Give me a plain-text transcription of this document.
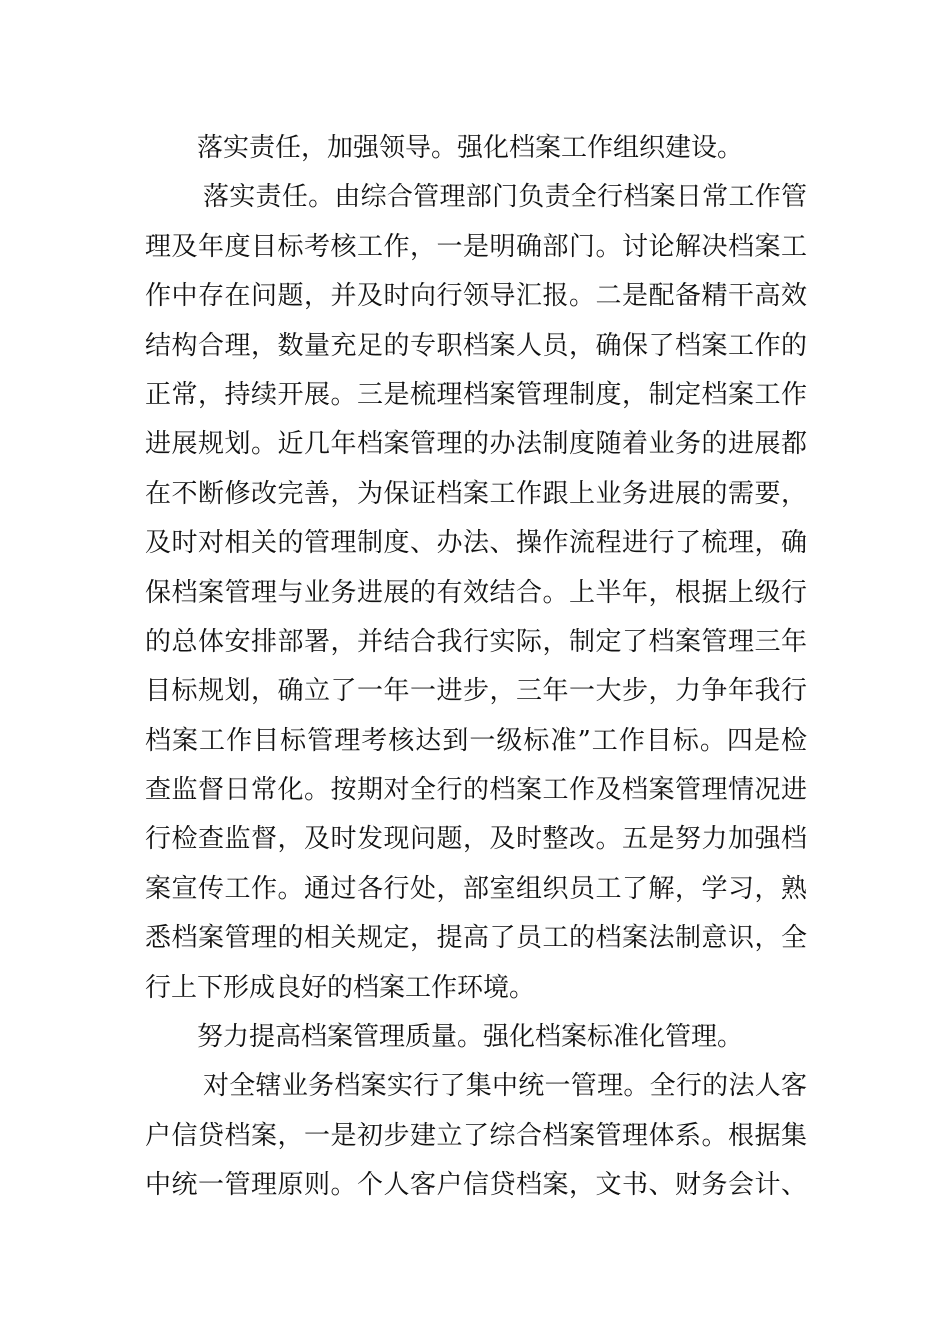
落实责任，加强领导。强化档案工作组织建设。
落实责任。由综合管理部门负责全行档案日常工作管
理及年度目标考核工作，一是明确部门。讨论解决档案工
作中存在问题，并及时向行领导汇报。二是配备精干高效
结构合理，数量充足的专职档案人员，确保了档案工作的
正常，持续开展。三是梳理档案管理制度，制定档案工作
进展规划。近几年档案管理的办法制度随着业务的进展都
在不断修改完善，为保证档案工作跟上业务进展的需要，
及时对相关的管理制度、办法、操作流程进行了梳理，确
保档案管理与业务进展的有效结合。上半年，根据上级行
的总体安排部署，并结合我行实际，制定了档案管理三年
目标规划，确立了一年一进步，三年一大步，力争年我行
档案工作目标管理考核达到一级标准”工作目标。四是检
查监督日常化。按期对全行的档案工作及档案管理情况进
行检查监督，及时发现问题，及时整改。五是努力加强档
案宣传工作。通过各行处，部室组织员工了解，学习，熟
悉档案管理的相关规定，提高了员工的档案法制意识，全
行上下形成良好的档案工作环境。
努力提高档案管理质量。强化档案标准化管理。
对全辖业务档案实行了集中统一管理。全行的法人客
户信贷档案，一是初步建立了综合档案管理体系。根据集
中统一管理原则。个人客户信贷档案，文书、财务会计、
